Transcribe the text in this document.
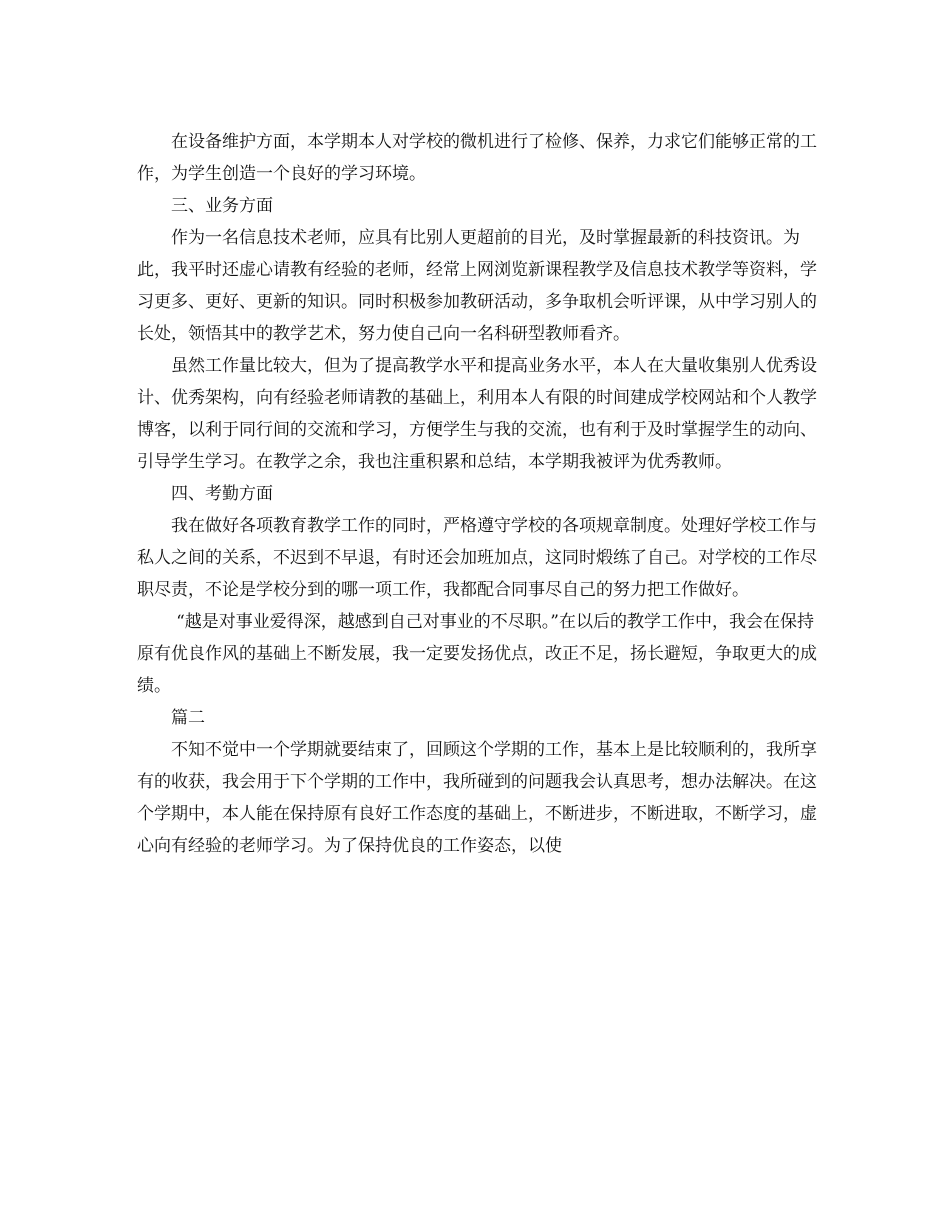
在设备维护方面，本学期本人对学校的微机进行了检修、保养，力求它们能够正常的工作，为学生创造一个良好的学习环境。

三、业务方面

作为一名信息技术老师，应具有比别人更超前的目光，及时掌握最新的科技资讯。为此，我平时还虚心请教有经验的老师，经常上网浏览新课程教学及信息技术教学等资料，学习更多、更好、更新的知识。同时积极参加教研活动，多争取机会听评课，从中学习别人的长处，领悟其中的教学艺术，努力使自己向一名科研型教师看齐。

虽然工作量比较大，但为了提高教学水平和提高业务水平，本人在大量收集别人优秀设计、优秀架构，向有经验老师请教的基础上，利用本人有限的时间建成学校网站和个人教学博客，以利于同行间的交流和学习，方便学生与我的交流，也有利于及时掌握学生的动向、引导学生学习。在教学之余，我也注重积累和总结，本学期我被评为优秀教师。

四、考勤方面

我在做好各项教育教学工作的同时，严格遵守学校的各项规章制度。处理好学校工作与私人之间的关系，不迟到不早退，有时还会加班加点，这同时煅练了自己。对学校的工作尽职尽责，不论是学校分到的哪一项工作，我都配合同事尽自己的努力把工作做好。

“越是对事业爱得深，越感到自己对事业的不尽职。”在以后的教学工作中，我会在保持原有优良作风的基础上不断发展，我一定要发扬优点，改正不足，扬长避短，争取更大的成绩。

篇二

不知不觉中一个学期就要结束了，回顾这个学期的工作，基本上是比较顺利的，我所享有的收获，我会用于下个学期的工作中，我所碰到的问题我会认真思考，想办法解决。在这个学期中，本人能在保持原有良好工作态度的基础上，不断进步，不断进取，不断学习，虚心向有经验的老师学习。为了保持优良的工作姿态，以使
